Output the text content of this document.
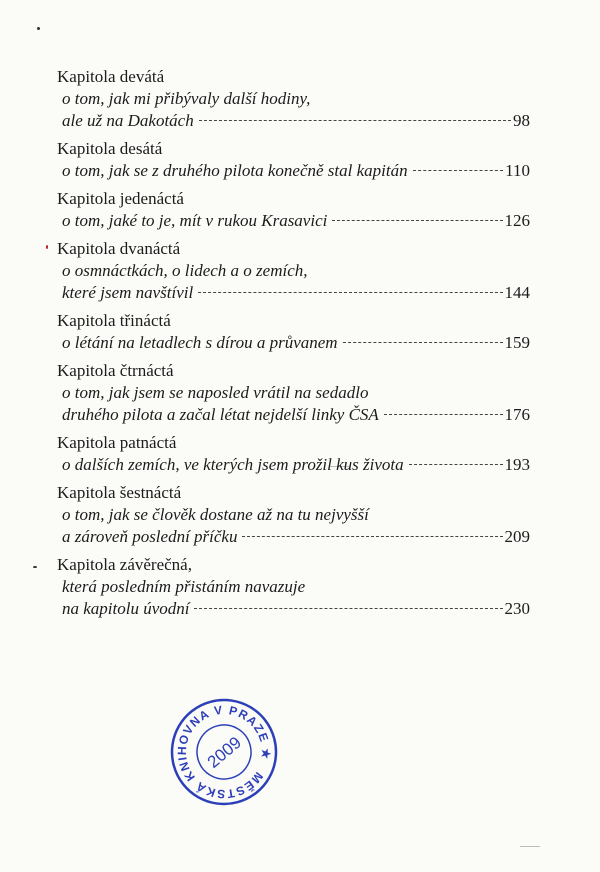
Kapitola devátá
o tom, jak mi přibývaly další hodiny,
ale už na Dakotách	98
Kapitola desátá
o tom, jak se z druhého pilota konečně stal kapitán	110
Kapitola jedenáctá
o tom, jaké to je, mít v rukou Krasavici	126
Kapitola dvanáctá
o osmnáctkách, o lidech a o zemích,
které jsem navštívil	144
Kapitola třináctá
o létání na letadlech s dírou a průvanem	159
Kapitola čtrnáctá
o tom, jak jsem se naposled vrátil na sedadlo
druhého pilota a začal létat nejdelší linky ČSA	176
Kapitola patnáctá
o dalších zemích, ve kterých jsem prožil kus života	193
Kapitola šestnáctá
o tom, jak se člověk dostane až na tu nejvyšší
a zároveň poslední příčku	209
Kapitola závěrečná,
která posledním přistáním navazuje
na kapitolu úvodní	230
MĚSTSKÁ KNIHOVNA V PRAZE ★
2009
